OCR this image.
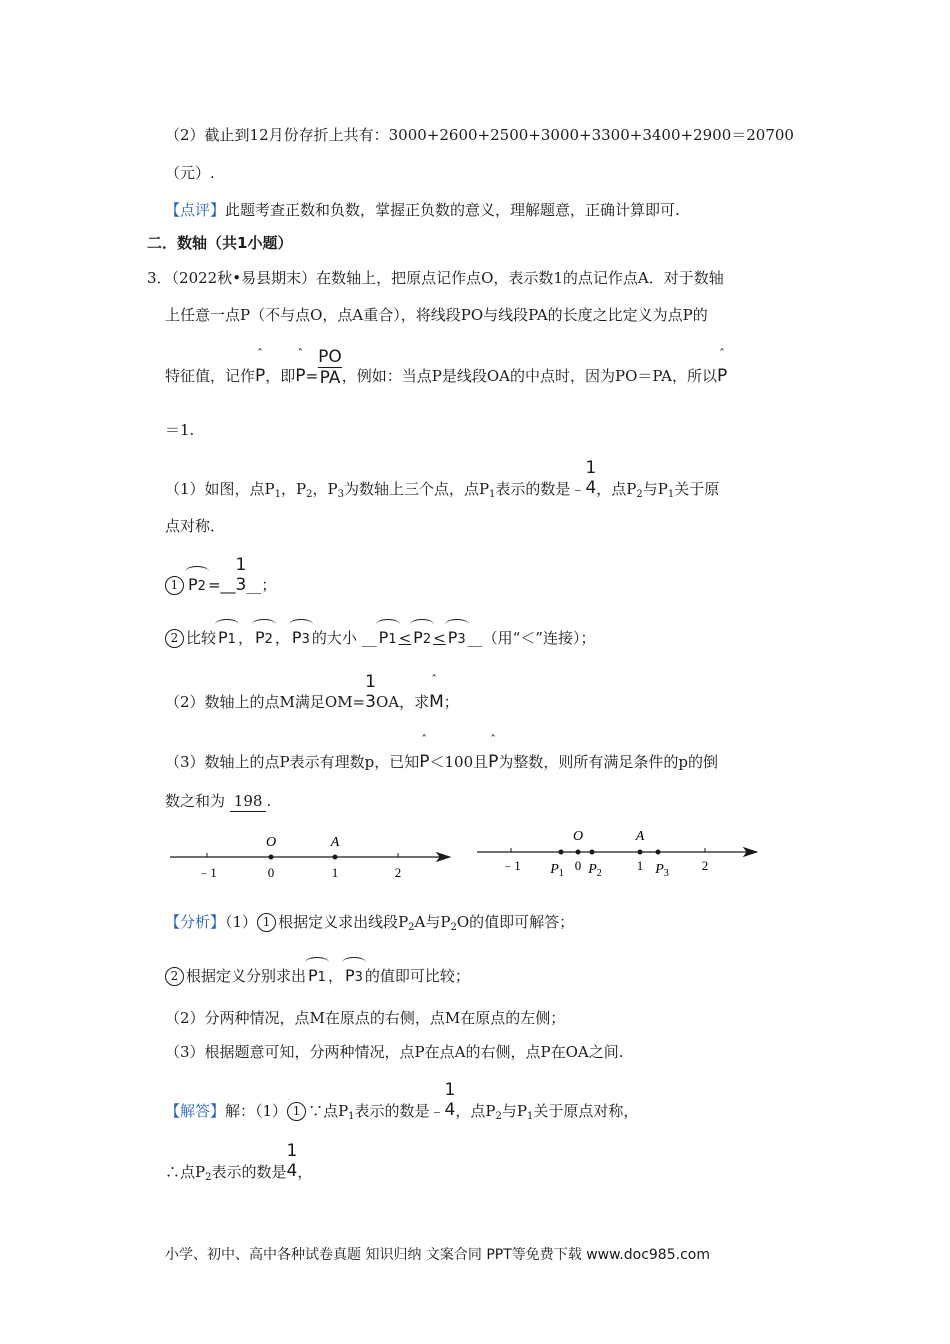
（2）截止到12月份存折上共有：3000+2600+2500+3000+3300+3400+2900＝20700
（元）.
【点评】此题考查正数和负数，掌握正负数的意义，理解题意，正确计算即可.
二．数轴（共1小题）
3．（2022秋•易县期末）在数轴上，把原点记作点O，表示数1的点记作点A．对于数轴
上任意一点P（不与点O，点A重合），将线段PO与线段PA的长度之比定义为点P的
特征值，记作ˆ P，即ˆ $P= \frac{PO}{PA}$ ，例如：当点P是线段OA的中点时，因为PO＝PA，所以ˆ P
＝1.
（1）如图，点$P_1$，$P_2$，$P_3$为数轴上三个点，点$P_1$表示的数是﹣
1
4 ，点$P_2$与$P_1$关于原
点对称．
1 P2 =__
1
3 __；
2 比较 P1 ， P2 ， P3 的大小 __ P1 < P2 < P3 __（用“＜”连接）；
（2）数轴上的点M满足OM=
1
3 OA，求ˆ M；
（3）数轴上的点P表示有理数p，已知ˆ P＜100且ˆ P为整数，则所有满足条件的p的倒
数之和为 198 .
O	A
﹣1	0	1	2
O	A
﹣1	0	1	2
$P_1$ $P_2$	$P_3$
【分析】（1） 1 根据定义求出线段$P_2A$与$P_2O$的值即可解答；
2 根据定义分别求出 P1 ， P3 的值即可比较；
（2）分两种情况，点M在原点的右侧，点M在原点的左侧；
（3）根据题意可知，分两种情况，点P在点A的右侧，点P在OA之间.
【解答】解：（1） 1 ∵点$P_1$表示的数是﹣
1
4 ，点$P_2$与$P_1$关于原点对称，
∴点$P_2$表示的数是
1
4 ，
小学、初中、高中各种试卷真题 知识归纳 文案合同 PPT等免费下载 www.doc985.com
